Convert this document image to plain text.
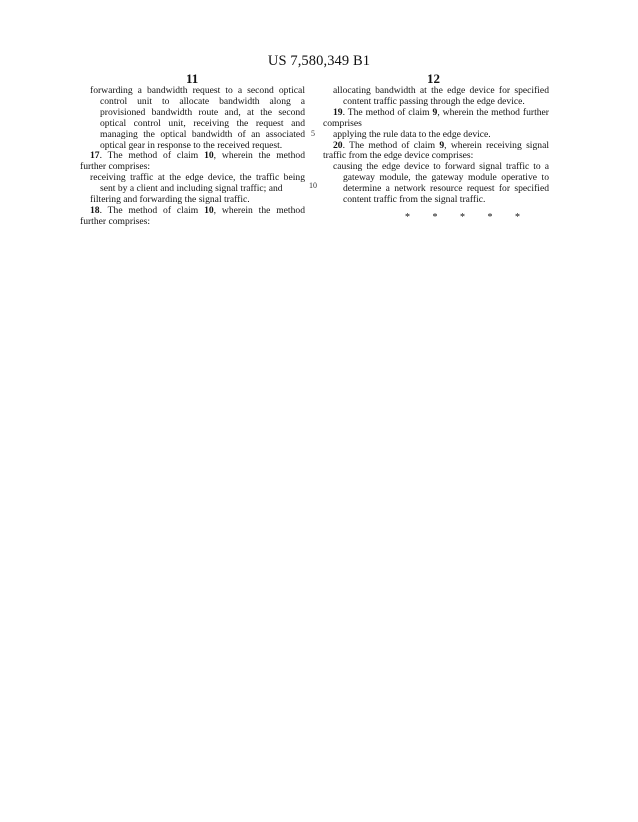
US 7,580,349 B1
11	12

forwarding a bandwidth request to a second optical control unit to allocate bandwidth along a provisioned bandwidth route and, at the second optical control unit, receiving the request and managing the optical bandwidth of an associated optical gear in response to the received request.

17. The method of claim 10, wherein the method further comprises:

receiving traffic at the edge device, the traffic being sent by a client and including signal traffic; and

filtering and forwarding the signal traffic.

18. The method of claim 10, wherein the method further comprises:

5
10

allocating bandwidth at the edge device for specified content traffic passing through the edge device.

19. The method of claim 9, wherein the method further comprises

applying the rule data to the edge device.

20. The method of claim 9, wherein receiving signal traffic from the edge device comprises:

causing the edge device to forward signal traffic to a gateway module, the gateway module operative to determine a network resource request for specified content traffic from the signal traffic.

* * * * *
